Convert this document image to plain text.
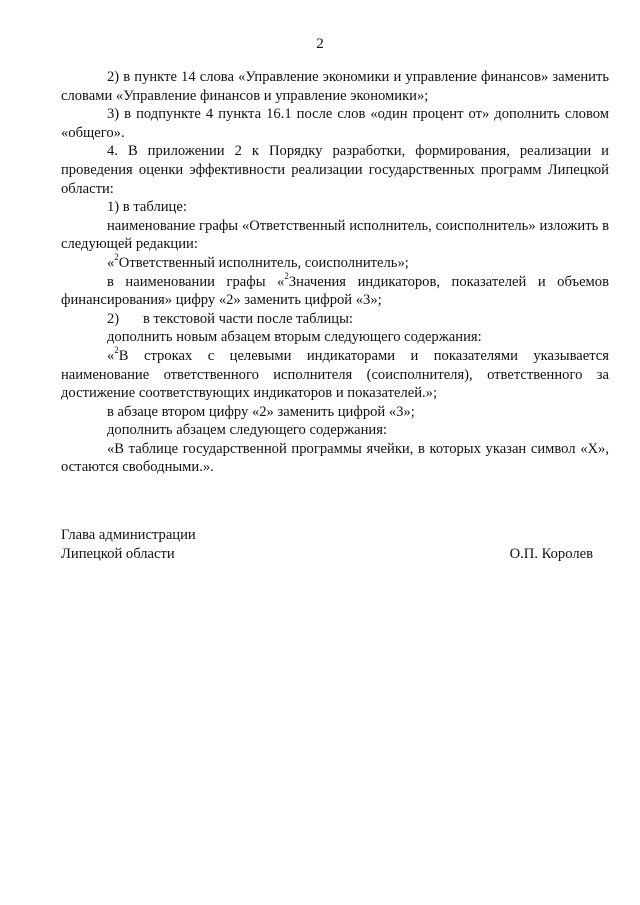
2

2) в пункте 14 слова «Управление экономики и управление финансов» заменить словами «Управление финансов и управление экономики»;

3) в подпункте 4 пункта 16.1 после слов «один процент от» дополнить словом «общего».

4. В приложении 2 к Порядку разработки, формирования, реализации и проведения оценки эффективности реализации государственных программ Липецкой области:

1) в таблице:

наименование графы «Ответственный исполнитель, соисполнитель» изложить в следующей редакции:

«$^2$Ответственный исполнитель, соисполнитель»;

в наименовании графы «$^2$Значения индикаторов, показателей и объемов финансирования» цифру «2» заменить цифрой «3»;

2) в текстовой части после таблицы:

дополнить новым абзацем вторым следующего содержания:

«$^2$В строках с целевыми индикаторами и показателями указывается наименование ответственного исполнителя (соисполнителя), ответственного за достижение соответствующих индикаторов и показателей.»;

в абзаце втором цифру «2» заменить цифрой «3»;

дополнить абзацем следующего содержания:

«В таблице государственной программы ячейки, в которых указан символ «Х», остаются свободными.».

Глава администрации
Липецкой области	О.П. Королев
